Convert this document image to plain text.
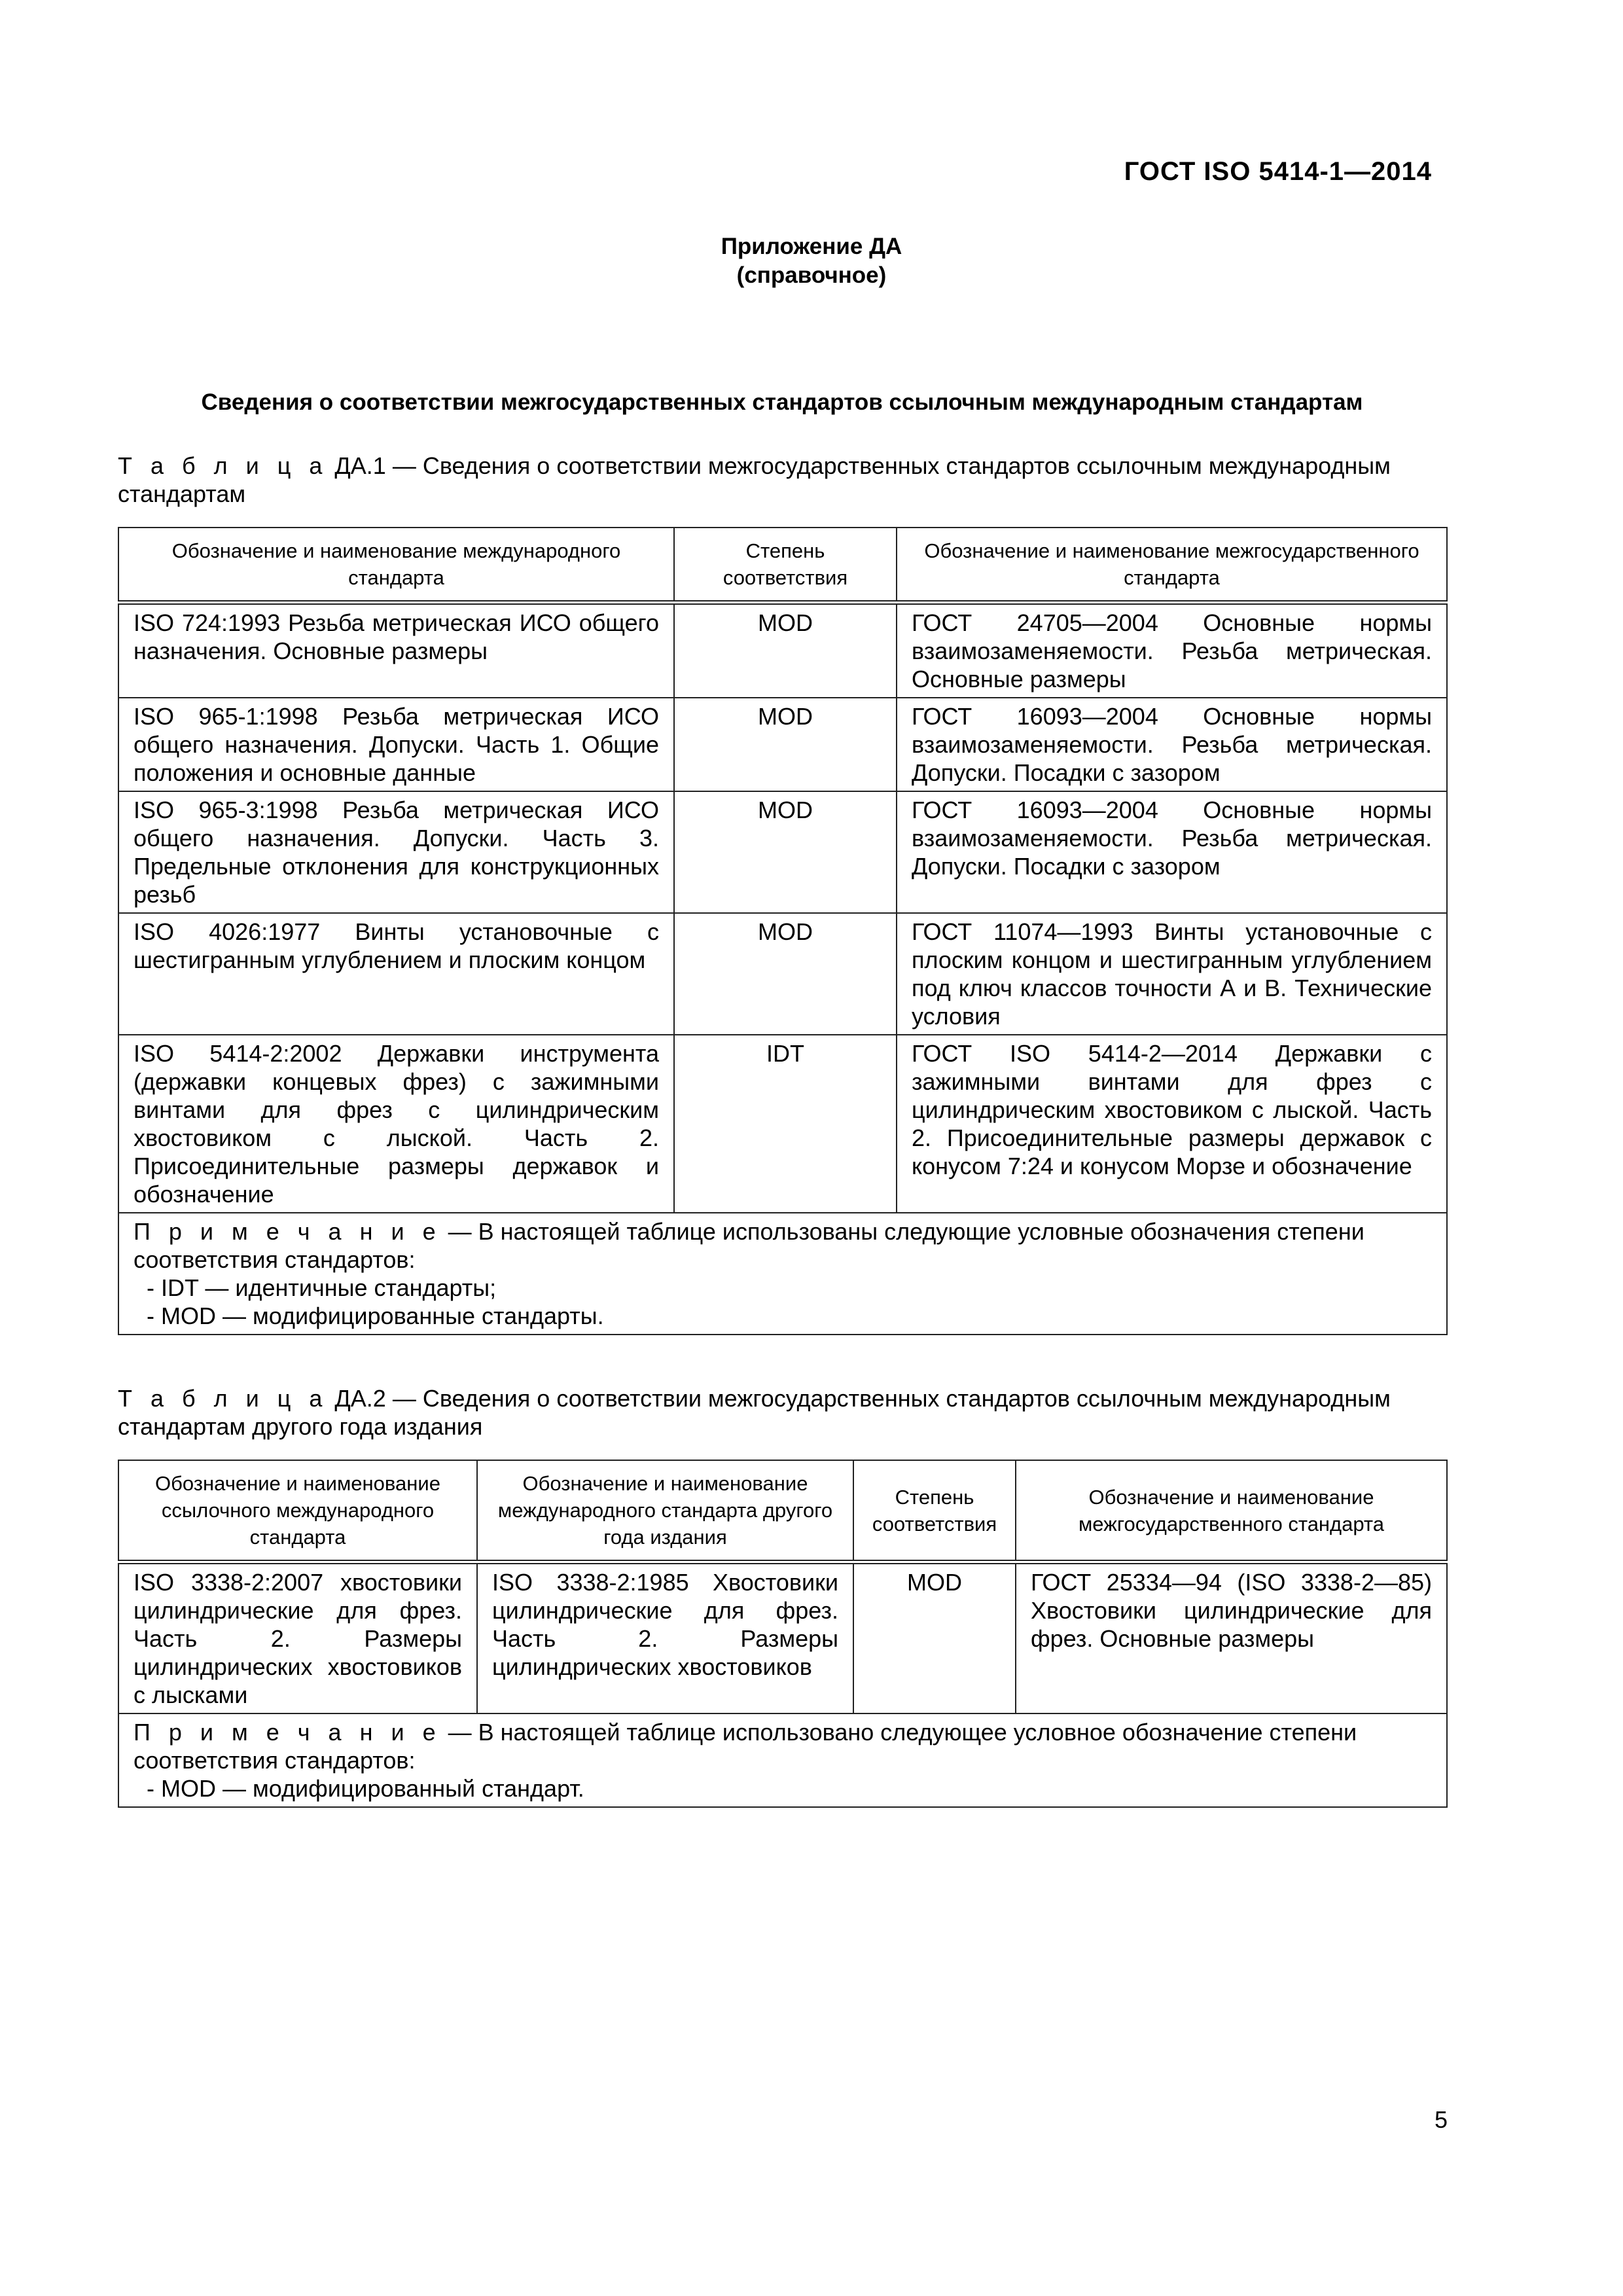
ГОСТ ISO 5414-1—2014
Приложение ДА
(справочное)
Сведения о соответствии межгосударственных стандартов ссылочным международным стандартам
Т а б л и ц а ДА.1 — Сведения о соответствии межгосударственных стандартов ссылочным международным стандартам
Обозначение и наименование международного стандарта	Степень соответствия	Обозначение и наименование межгосударственного стандарта
ISO 724:1993 Резьба метрическая ИСО общего назначения. Основные размеры	MOD	ГОСТ 24705—2004 Основные нормы взаимозаменяемости. Резьба метрическая. Основные размеры
ISO 965-1:1998 Резьба метрическая ИСО общего назначения. Допуски. Часть 1. Общие положения и основные данные	MOD	ГОСТ 16093—2004 Основные нормы взаимозаменяемости. Резьба метрическая. Допуски. Посадки с зазором
ISO 965-3:1998 Резьба метрическая ИСО общего назначения. Допуски. Часть 3. Предельные отклонения для конструкционных резьб	MOD	ГОСТ 16093—2004 Основные нормы взаимозаменяемости. Резьба метрическая. Допуски. Посадки с зазором
ISO 4026:1977 Винты установочные с шестигранным углублением и плоским концом	MOD	ГОСТ 11074—1993 Винты установочные с плоским концом и шестигранным углублением под ключ классов точности А и В. Технические условия
ISO 5414-2:2002 Державки инструмента (державки концевых фрез) с зажимными винтами для фрез с цилиндрическим хвостовиком с лыской. Часть 2. Присоединительные размеры державок и обозначение	IDT	ГОСТ ISO 5414-2—2014 Державки с зажимными винтами для фрез с цилиндрическим хвостовиком с лыской. Часть 2. Присоединительные размеры державок с конусом 7:24 и конусом Морзе и обозначение
П р и м е ч а н и е — В настоящей таблице использованы следующие условные обозначения степени соответствия стандартов:
- IDT — идентичные стандарты;
- MOD — модифицированные стандарты.		
Т а б л и ц а ДА.2 — Сведения о соответствии межгосударственных стандартов ссылочным международным стандартам другого года издания
Обозначение и наименование ссылочного международного стандарта	Обозначение и наименование международного стандарта другого года издания	Степень соответствия	Обозначение и наименование межгосударственного стандарта
ISO 3338-2:2007 хвостовики цилиндрические для фрез. Часть 2. Размеры цилиндрических хвостовиков с лысками	ISO 3338-2:1985 Хвостовики цилиндрические для фрез. Часть 2. Размеры цилиндрических хвостовиков	MOD	ГОСТ 25334—94 (ISO 3338-2—85) Хвостовики цилиндрические для фрез. Основные размеры
П р и м е ч а н и е — В настоящей таблице использовано следующее условное обозначение степени соответствия стандартов:
- MOD — модифицированный стандарт.			
5
